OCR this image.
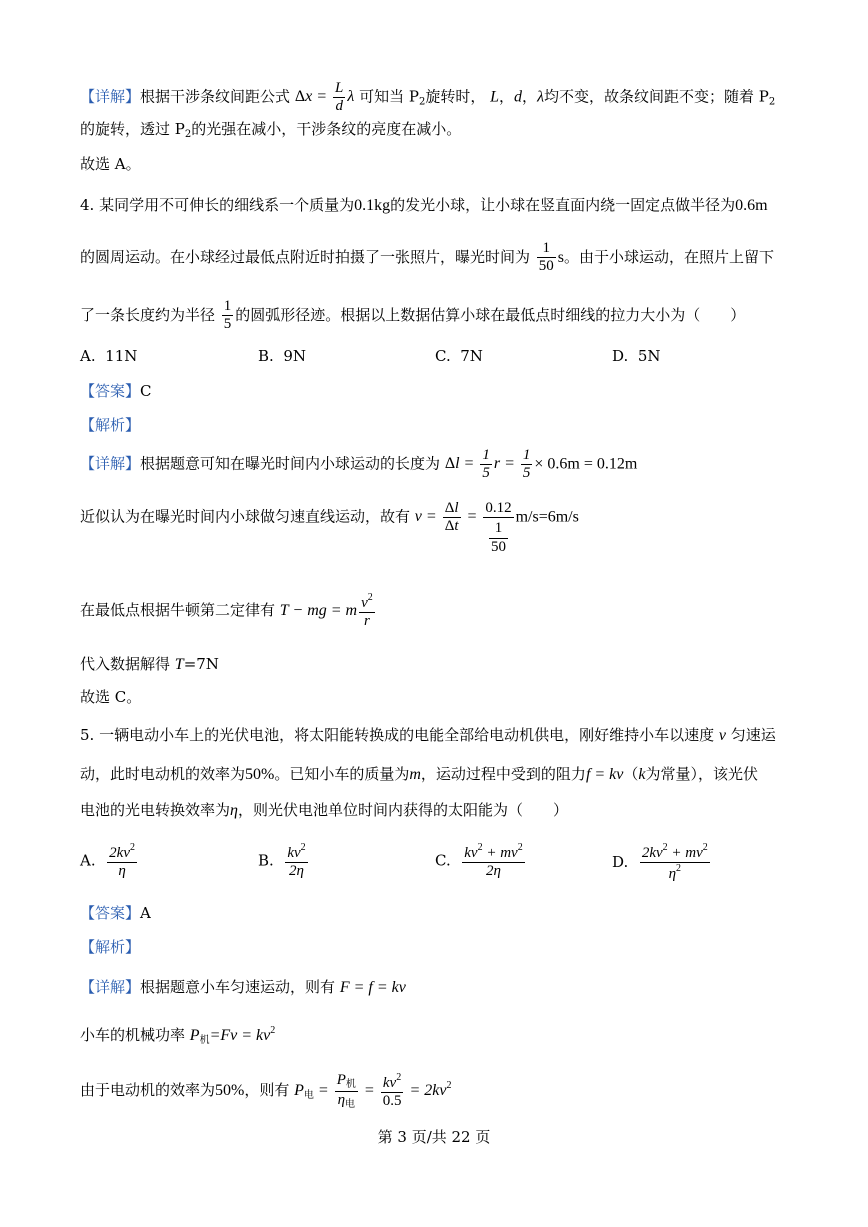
【详解】根据干涉条纹间距公式 $\Delta x = \frac{L}{d}$ λ 可知当 $P_2$旋转时， L，d，λ均不变，故条纹间距不变；随着 $P_2$
的旋转，透过 $P_2$的光强在减小，干涉条纹的亮度在减小。
故选 A。
4. 某同学用不可伸长的细线系一个质量为0.1kg的发光小球，让小球在竖直面内绕一固定点做半径为0.6m
的圆周运动。在小球经过最低点附近时拍摄了一张照片，曝光时间为 $\frac{1}{50}$ s。由于小球运动，在照片上留下
了一条长度约为半径 $\frac{1}{5}$ 的圆弧形径迹。根据以上数据估算小球在最低点时细线的拉力大小为（　　）
A. 11N	B. 9N	C. 7N	D. 5N
【答案】C
【解析】
【详解】根据题意可知在曝光时间内小球运动的长度为 $\Delta l = \frac{1}{5}$ $r = \frac{1}{5} \times 0.6m = 0.12m$
近似认为在曝光时间内小球做匀速直线运动，故有 $v = \frac{\Delta l}{\Delta t} = \frac{0.12}{\frac{1}{50}} m/s=6m/s$
在最低点根据牛顿第二定律有 T − mg = m $\frac{v^2}{r}$
代入数据解得 T=7N
故选 C。
5. 一辆电动小车上的光伏电池，将太阳能转换成的电能全部给电动机供电，刚好维持小车以速度 v 匀速运
动，此时电动机的效率为50%。已知小车的质量为m，运动过程中受到的阻力f = kv（k为常量），该光伏
电池的光电转换效率为η，则光伏电池单位时间内获得的太阳能为（　　）
A. $\frac{2kv^2}{\eta}$	B. $\frac{kv^2}{2\eta}$	C. $\frac{kv^2 + mv^2}{2\eta}$	D. $\frac{2kv^2 + mv^2}{\eta^2}$
【答案】A
【解析】
【详解】根据题意小车匀速运动，则有 F = f = kv
小车的机械功率 $P_机=Fv = kv^2$
由于电动机的效率为50%，则有 $P_电 = \frac{P_机}{\eta_电} = \frac{kv^2}{0.5} = 2kv^2$
第 3 页/共 22 页
